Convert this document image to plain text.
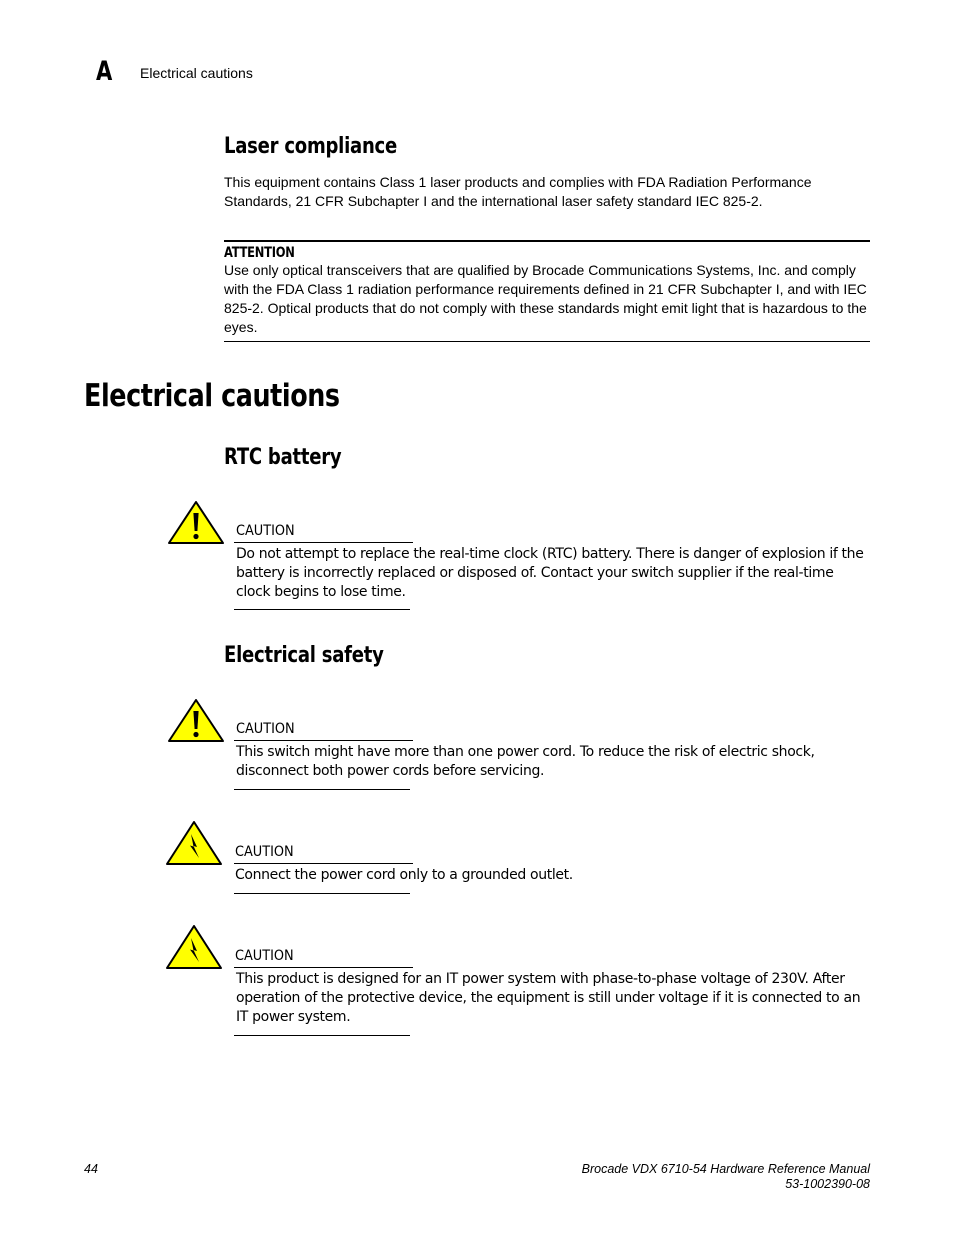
A Electrical cautions
Laser compliance
This equipment contains Class 1 laser products and complies with FDA Radiation Performance Standards, 21 CFR Subchapter I and the international laser safety standard IEC 825-2.
ATTENTION
Use only optical transceivers that are qualified by Brocade Communications Systems, Inc. and comply with the FDA Class 1 radiation performance requirements defined in 21 CFR Subchapter I, and with IEC 825-2. Optical products that do not comply with these standards might emit light that is hazardous to the eyes.
Electrical cautions
RTC battery
CAUTION
Do not attempt to replace the real-time clock (RTC) battery. There is danger of explosion if the battery is incorrectly replaced or disposed of. Contact your switch supplier if the real-time clock begins to lose time.
Electrical safety
CAUTION
This switch might have more than one power cord. To reduce the risk of electric shock, disconnect both power cords before servicing.
CAUTION
Connect the power cord only to a grounded outlet.
CAUTION
This product is designed for an IT power system with phase-to-phase voltage of 230V. After operation of the protective device, the equipment is still under voltage if it is connected to an IT power system.
44	Brocade VDX 6710-54 Hardware Reference Manual
53-1002390-08
